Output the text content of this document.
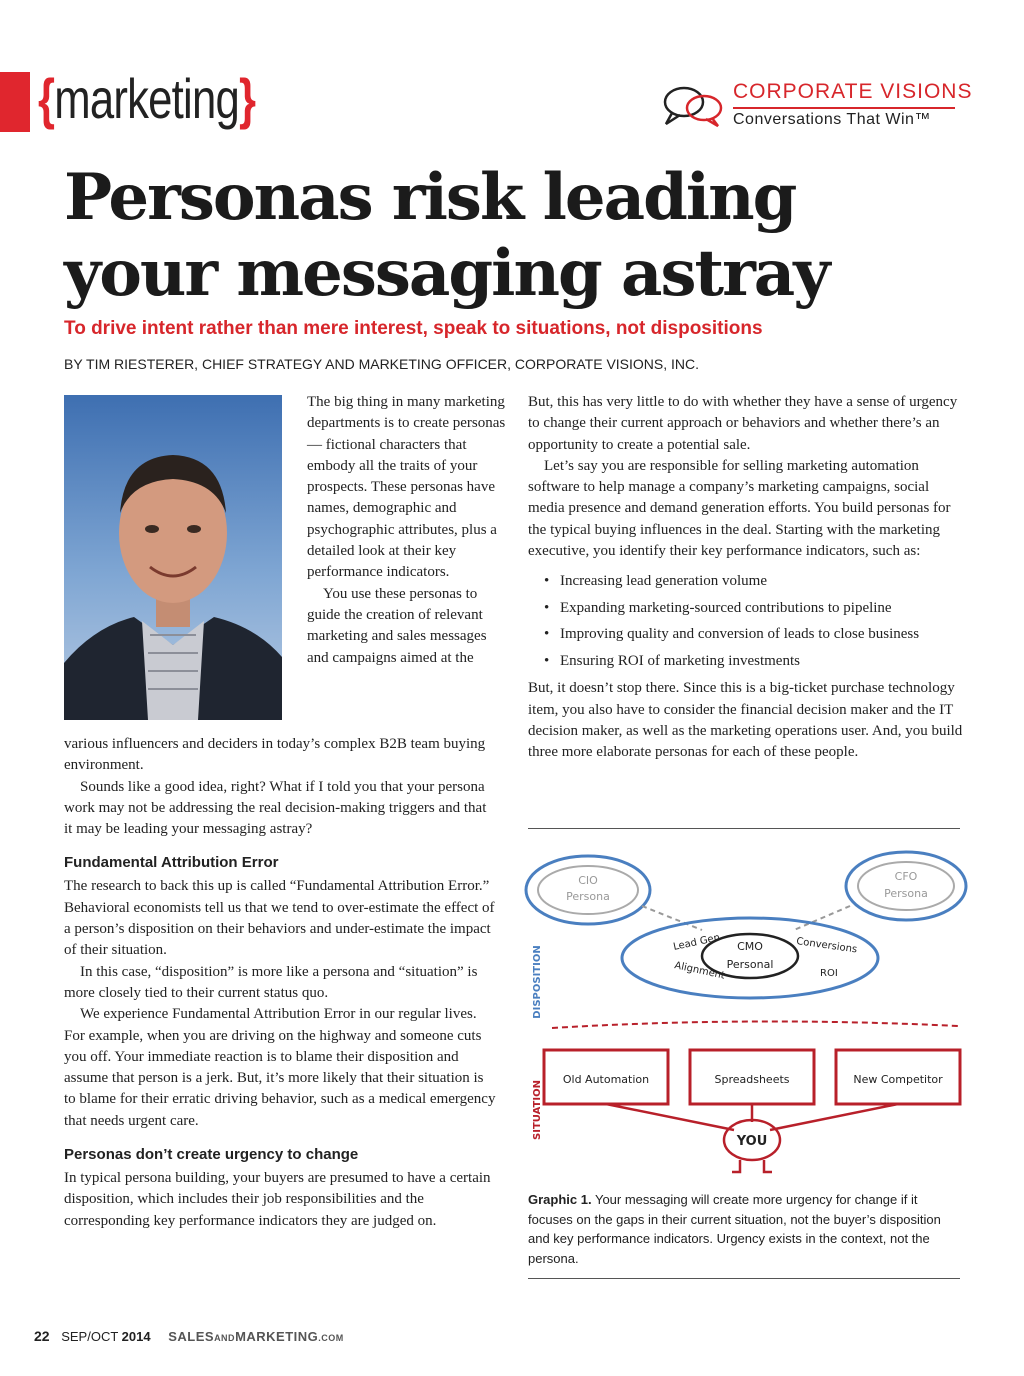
{marketing}	CORPORATE VISIONS
Conversations That Win™
Personas risk leading your messaging astray
To drive intent rather than mere interest, speak to situations, not dispositions
BY TIM RIESTERER, CHIEF STRATEGY AND MARKETING OFFICER, CORPORATE VISIONS, INC.

The big thing in many marketing departments is to create personas — fictional characters that embody all the traits of your prospects. These personas have names, demographic and psychographic attributes, plus a detailed look at their key performance indicators.

You use these personas to guide the creation of relevant marketing and sales messages and campaigns aimed at the

various influencers and deciders in today’s complex B2B team buying environment.

Sounds like a good idea, right? What if I told you that your persona work may not be addressing the real decision-making triggers and that it may be leading your messaging astray?

Fundamental Attribution Error

The research to back this up is called “Fundamental Attribution Error.” Behavioral economists tell us that we tend to over-estimate the effect of a person’s disposition on their behaviors and under-estimate the impact of their situation.

In this case, “disposition” is more like a persona and “situation” is more closely tied to their current status quo.

We experience Fundamental Attribution Error in our regular lives. For example, when you are driving on the highway and someone cuts you off. Your immediate reaction is to blame their disposition and assume that person is a jerk. But, it’s more likely that their situation is to blame for their erratic driving behavior, such as a medical emergency that needs urgent care.

Personas don’t create urgency to change

In typical persona building, your buyers are presumed to have a certain disposition, which includes their job responsibilities and the corresponding key performance indicators they are judged on.

But, this has very little to do with whether they have a sense of urgency to change their current approach or behaviors and whether there’s an opportunity to create a potential sale.

Let’s say you are responsible for selling marketing automation software to help manage a company’s marketing campaigns, social media presence and demand generation efforts. You build personas for the typical buying influences in the deal. Starting with the marketing executive, you identify their key performance indicators, such as:

• Increasing lead generation volume
• Expanding marketing-sourced contributions to pipeline
• Improving quality and conversion of leads to close business
• Ensuring ROI of marketing investments

But, it doesn’t stop there. Since this is a big-ticket purchase technology item, you also have to consider the financial decision maker and the IT decision maker, as well as the marketing operations user. And, you build three more elaborate personas for each of these people.

CIO
Persona
CFO
Persona
CMO
Personal
Lead Gen
Alignment
Conversions
ROI
DISPOSITION
Old Automation	Spreadsheets	New Competitor
YOU
SITUATION
Graphic 1. Your messaging will create more urgency for change if it focuses on the gaps in their current situation, not the buyer’s disposition and key performance indicators. Urgency exists in the context, not the persona.
22 SEP/OCT 2014 SALESANDMARKETING.COM
